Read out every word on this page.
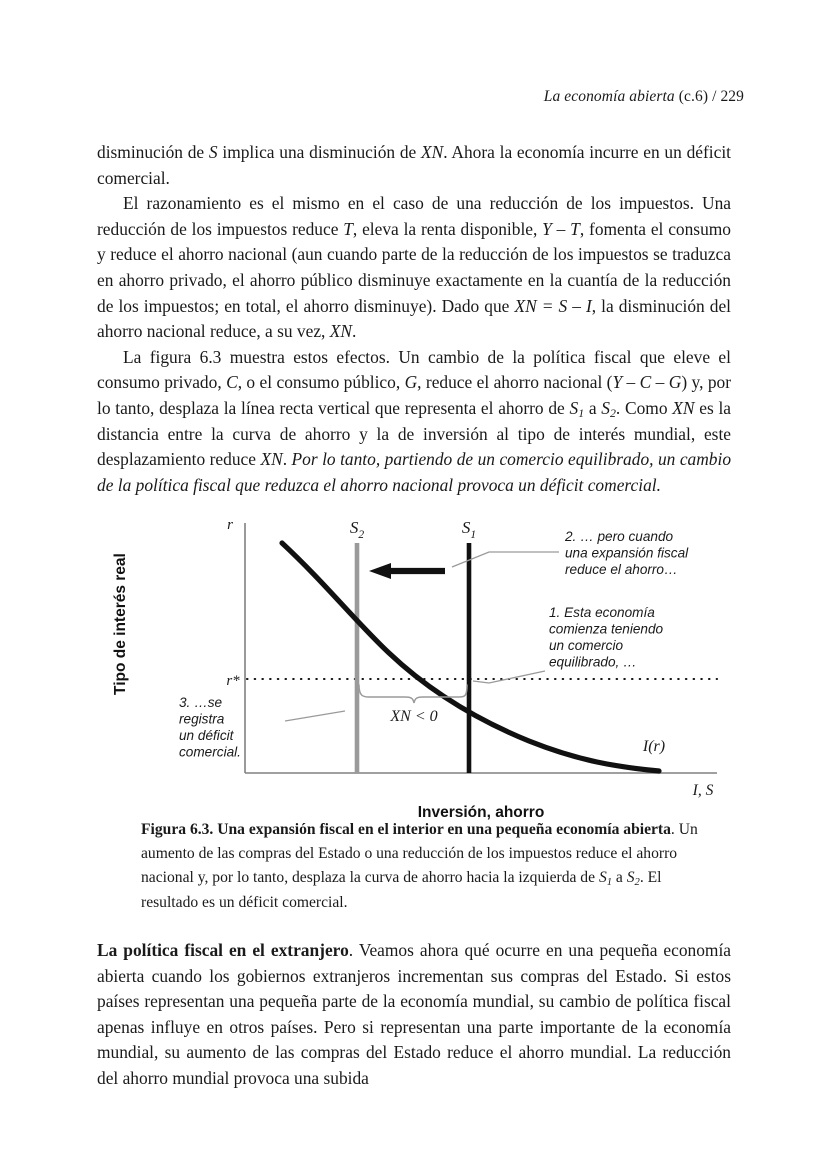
La economía abierta (c.6) / 229

disminución de S implica una disminución de XN. Ahora la economía incurre en un déficit comercial.

El razonamiento es el mismo en el caso de una reducción de los impuestos. Una reducción de los impuestos reduce T, eleva la renta disponible, Y – T, fomenta el consumo y reduce el ahorro nacional (aun cuando parte de la reducción de los impuestos se traduzca en ahorro privado, el ahorro público disminuye exactamente en la cuantía de la reducción de los impuestos; en total, el ahorro disminuye). Dado que XN = S – I, la disminución del ahorro nacional reduce, a su vez, XN.

La figura 6.3 muestra estos efectos. Un cambio de la política fiscal que eleve el consumo privado, C, o el consumo público, G, reduce el ahorro nacional (Y – C – G) y, por lo tanto, desplaza la línea recta vertical que representa el ahorro de $S_1$ a $S_2$. Como XN es la distancia entre la curva de ahorro y la de inversión al tipo de interés mundial, este desplazamiento reduce XN. Por lo tanto, partiendo de un comercio equilibrado, un cambio de la política fiscal que reduzca el ahorro nacional provoca un déficit comercial.

r
I, S
Tipo de interés real
Inversión, ahorro
r*
$S_2$	$S_1$
I(r)
2. … pero cuando una expansión fiscal reduce el ahorro…
1. Esta economía comienza teniendo un comercio equilibrado, …
XN < 0
3. …se registra un déficit comercial.

Figura 6.3. Una expansión fiscal en el interior en una pequeña economía abierta. Un aumento de las compras del Estado o una reducción de los impuestos reduce el ahorro nacional y, por lo tanto, desplaza la curva de ahorro hacia la izquierda de $S_1$ a $S_2$. El resultado es un déficit comercial.

La política fiscal en el extranjero. Veamos ahora qué ocurre en una pequeña economía abierta cuando los gobiernos extranjeros incrementan sus compras del Estado. Si estos países representan una pequeña parte de la economía mundial, su cambio de política fiscal apenas influye en otros países. Pero si representan una parte importante de la economía mundial, su aumento de las compras del Estado reduce el ahorro mundial. La reducción del ahorro mundial provoca una subida
